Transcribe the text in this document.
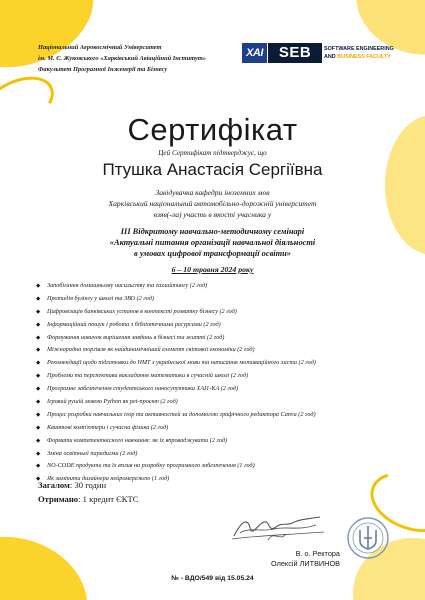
Національний Аерокосмічний Університет
ім. М. Є. Жуковського «Харківський Авіаційний Інститут»
Факультет Програмної Інженерії та Бізнесу
XAI	SEB	SOFTWARE ENGINEERING
AND BUSINESS FACULTY
Сертифікат
Цей Сертифікат підтверджує, що
Птушка Анастасія Сергіївна
Завідувачка кафедри іноземних мов
Харківський національний автомобільно-дорожній університет
взяв(-ла) участь в якості учасника у
ІІІ Відкритому навчально-методичному семінарі
«Актуальні питання організації навчальної діяльності
в умовах цифрової трансформації освіти»
6 – 10 травня 2024 року
◆ Запобігання домашньому насильству та газлайтингу (2 год)
◆ Протидія булінгу у школі та ЗВО (2 год)
◆ Цифровізація банківських установ в контексті розвитку бізнесу (2 год)
◆ Інформаційний пошук і робота з бібліотечними ресурсами (2 год)
◆ Формування навичок вирішення завдань в бізнесі та житті (2 год)
◆ Міжнародна торгівля як найдинамічніший елемент світової економіки (2 год)
◆ Рекомендації щодо підготовки до НМТ з української мови та написання мотиваційного листа (2 год)
◆ Проблеми та перспективи викладання математики в сучасній школі (2 год)
◆ Програмне забезпечення студентського наносупутника ХАІ1-КА (2 год)
◆ Ігровий рушій мовою Python як pet-проєкт (2 год)
◆ Процес розробки навчальних ігор та активностей за допомогою графічного редактора Canva (2 год)
◆ Квантові комп'ютери і сучасна фізика (2 год)
◆ Формати компетентнісного навчання: як їх впроваджувати (2 год)
◆ Зміна освітньої парадигми (2 год)
◆ NO-CODE продукти та їх вплив на розробку програмного забезпечення (1 год)
◆ Як замінити дизайнера нейромережею (1 год)
Загалом: 30 годин
Отримано: 1 кредит ЄКТС
В. о. Ректора
Олексій ЛИТВИНОВ
№ - ВДО/549 від 15.05.24
